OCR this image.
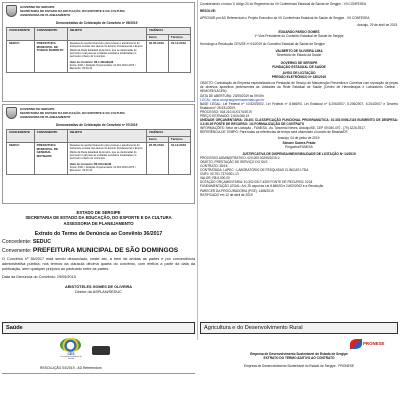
GOVERNO DE SERGIPE
SECRETARIA DE ESTADO DA EDUCAÇÃO, DO ESPORTE E DA CULTURA
ASSESSORIA DE PLANEJAMENTO
Demonstrativo de Celebração de Convênio nº 09/2019
CONCEDENTE	CONVENENTE	OBJETO	VIGÊNCIA	
			Início	Término
SEDUC	PREFEITURA MUNICIPAL DE TOBIAS BARRETO	Repasse de auxílio financeiro para custear o atendimento do transporte escolar dos alunos do Ensino Fundamental e Ensino Médio da Rede Estadual de Ensino, que se deslocarão do perímetro rural para as unidades escolares localizadas no perímetro urbano do município.
Valor do Convênio: R$ 1.399.999,88
Fonte: 0101 / Dotação Orçamentária: 12.361.0010.2076 / Elemento: 33.40.41	30.05.2019	31.12.2019
GOVERNO DE SERGIPE
SECRETARIA DE ESTADO DA EDUCAÇÃO, DO ESPORTE E DA CULTURA
ASSESSORIA DE PLANEJAMENTO
Demonstrativo de Celebração de Convênio nº 07/2019
CONCEDENTE	CONVENENTE	OBJETO	VIGÊNCIA	
			Início	Término
SEDUC	PREFEITURA MUNICIPAL DE GENERAL MAYNARD	Repasse de auxílio financeiro para custear o atendimento do transporte escolar dos alunos do Ensino Fundamental e Ensino Médio da Rede Estadual de Ensino, que se deslocarão do perímetro rural para as unidades escolares localizadas no perímetro urbano do município.
Valor do Convênio: R$ 163.199,88
Fonte: 0101 / Dotação Orçamentária: 12.361.0010.2076 / Elemento: 33.40.41	20.05.2019	31.12.2019
ESTADO DE SERGIPE
SECRETARIA DE ESTADO DA EDUCAÇÃO, DO ESPORTE E DA CULTURA
ASSESSORIA DE PLANEJAMENTO
Extrato do Termo de Denúncia ao Convênio 36/2017
Concedente: SEDUC
Convenente: PREFEITURA MUNICIPAL DE SÃO DOMINGOS
O Convênio nº 36/2017 está sendo denunciado, neste ato, a bem de ambas as partes e por conveniência administrativa pública, nos termos da cláusula décima quarta do convênio, com efeitos a partir da data da publicação, sem qualquer prejuízo ao pactuado entre as partes.
Data da Denúncia do Convênio: 29/05/2019
ARISTÓTELES GOMES DE OLIVEIRA
Diretor da ASPLAN/SEDUC
Considerando o Inciso V, Artigo 20 do Regimento da VII Conferência Estadual de Saúde de Sergipe - VII CONFESEA
RESOLVE:
APROVAR por AD Referendum o Projeto Executivo da VII Conferência Estadual de Saúde de Sergipe - VII CONFESEA.
Aracaju, 29 de abril de 2019.
EDUARDO PARDO GOMES
1º Vice-Presidente do Conselho Estadual de Saúde de Sergipe
Homologo a Resolução CES/SE nº 04/2019 do Conselho Estadual de Saúde de Sergipe
VALBERTO DE OLIVEIRA LIMA
Secretário de Estado da Saúde
GOVERNO DE SERGIPE
FUNDAÇÃO ESTADUAL DE SAÚDE
AVISO DE LICITAÇÃO
PREGÃO ELETRÔNICO Nº 180/2019
OBJETO: Contratação de Empresa especializada na Prestação de Serviço de Manutenção Preventiva e Corretiva com reposição de peças de diversos aparelhos pertencentes às Unidades da Rede Estadual de Saúde (Centro de Hemoterapia e Laboratório Central - HEMOSE/LACEN).
DATA DE ABERTURA: 23/05/2019 às 09:00h
LOCAL: www.comprasgovernamentais.gov.br
BASE LEGAL: Lei Federal nº 10.520/2002, Lei Federal nº 8.666/93, Lei Estadual nº 6.206/2007, 6.206/2007, 6.204/2007 e Decreto Estadual nº 26.531/2009.
PROCESSO: 018.210.01/0170/2019
PREÇO ESTIMADO: 2.600.065,19
UNIDADE ORÇAMENTÁRIA: 28.401 CLASSIFICAÇÃO FUNCIONAL PROGRAMÁTICA: 10.302.0006.2116 ELEMENTO DE DESPESA: 3.3.90.39 FONTE DE RECURSO: 1/4 FORMALIZAÇÃO DE CONTRATO
INFORMAÇÕES: Setor de Licitação - FUNESA - Av. Tancredo Neves, Aracaju/SE, CEP 49.080-470 - (79) 3226-9317.
REFERÊNCIA DE TEMPO: Para todas as referências de tempo será observado o horário de Brasília/DF.
Aracaju, 04 de junho de 2019.
Simone Soares Prado
Pregoeira/FUNESA
JUSTIFICATIVA DE DISPENSA/INEXIGIBILIDADE DE LICITAÇÃO Nº 14/2019
PROCESSO ADMINISTRATIVO: 020.000.00290/2019-0
OBJETO: PRESTAÇÃO DE SERVIÇO DO SUS
CONTRATO: 35/16
CONTRATADA: LAPEC - LABORATÓRIO DE PESQUISAS CLÍNICAS LTDA
CNPJ: 00.751.737/0001-13
VALOR: R$ 6.000,00
DOTAÇÃO ORÇAMENTÁRIA: 10.302.0017.4300 FONTE DE RECURSO: 0218
FUNDAMENTAÇÃO LEGAL: Art. 25 caput da Lei 8.666/93 e 24/02/2002 e a Resolução
PARECER DA PROCURADORIA (PGE): 1486/2019
RATIFICADO em 12 de abril de 2019
Saúde	Agricultura e do Desenvolvimento Rural
CES
Conselho Estadual de Saúde
RESOLUÇÃO 04/2019 - AD Referendum
PRONESE
Empresa de Desenvolvimento Sustentável do Estado de Sergipe
EXTRATO DO TERMO ADITIVO AO CONTRATO
Empresa de Desenvolvimento Sustentável do Estado de Sergipe - PRONESE
